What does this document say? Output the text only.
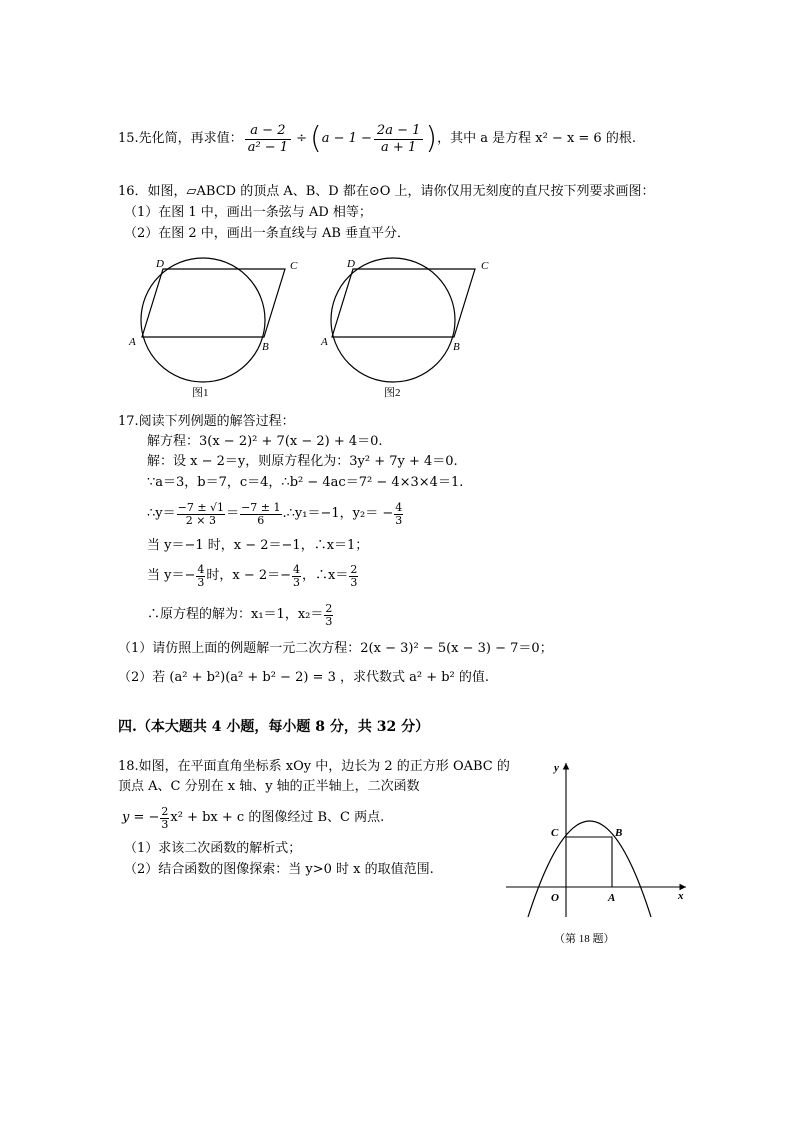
15.先化简，再求值： $\frac{a - 2}{\text{a² − 1}}$ ÷ ( $a - 1 - \frac{2a - 1}{a + 1}$ ) ，其中 a 是方程 x² − x = 6 的根.
16．如图，▱ABCD 的顶点 A、B、D 都在⊙O 上，请你仅用无刻度的直尺按下列要求画图：
（1）在图 1 中，画出一条弦与 AD 相等；
（2）在图 2 中，画出一条直线与 AB 垂直平分．
D	C
A	B
图1
D	C
A	B
图2
17.阅读下列例题的解答过程：
解方程：3(x − 2)² + 7(x − 2) + 4＝0.
解：设 x − 2＝y，则原方程化为：3y² + 7y + 4＝0.
∵a＝3，b＝7，c＝4，∴b² − 4ac＝7² − 4×3×4＝1.
∴y＝ −7 ± √1
2 × 3 ＝ −7 ± 1
6	.∴y₁＝−1，$y_2= - \frac{4}{3}$
当 y＝−1 时，x − 2＝−1，∴x＝1；
当 $y=- \frac{4}{3}$ 时，$x - 2=- \frac{4}{3}$ ，∴x＝ 2
3
∴原方程的解为：x₁＝1，x₂＝ 2
3
（1）请仿照上面的例题解一元二次方程：2(x − 3)² − 5(x − 3) − 7＝0；
（2）若 (a² + b²)(a² + b² − 2) = 3 ，求代数式 a² + b² 的值.
四.（本大题共 4 小题，每小题 8 分，共 32 分）
18.如图，在平面直角坐标系 xOy 中，边长为 2 的正方形 OABC 的
顶点 A、C 分别在 x 轴、y 轴的正半轴上，二次函数
y = − $\frac{2}{3} x^2$ + bx + c 的图像经过 B、C 两点.
（1）求该二次函数的解析式；
（2）结合函数的图像探索：当 y>0 时 x 的取值范围.
y
x
O	A
B
C
（第 18 题）
